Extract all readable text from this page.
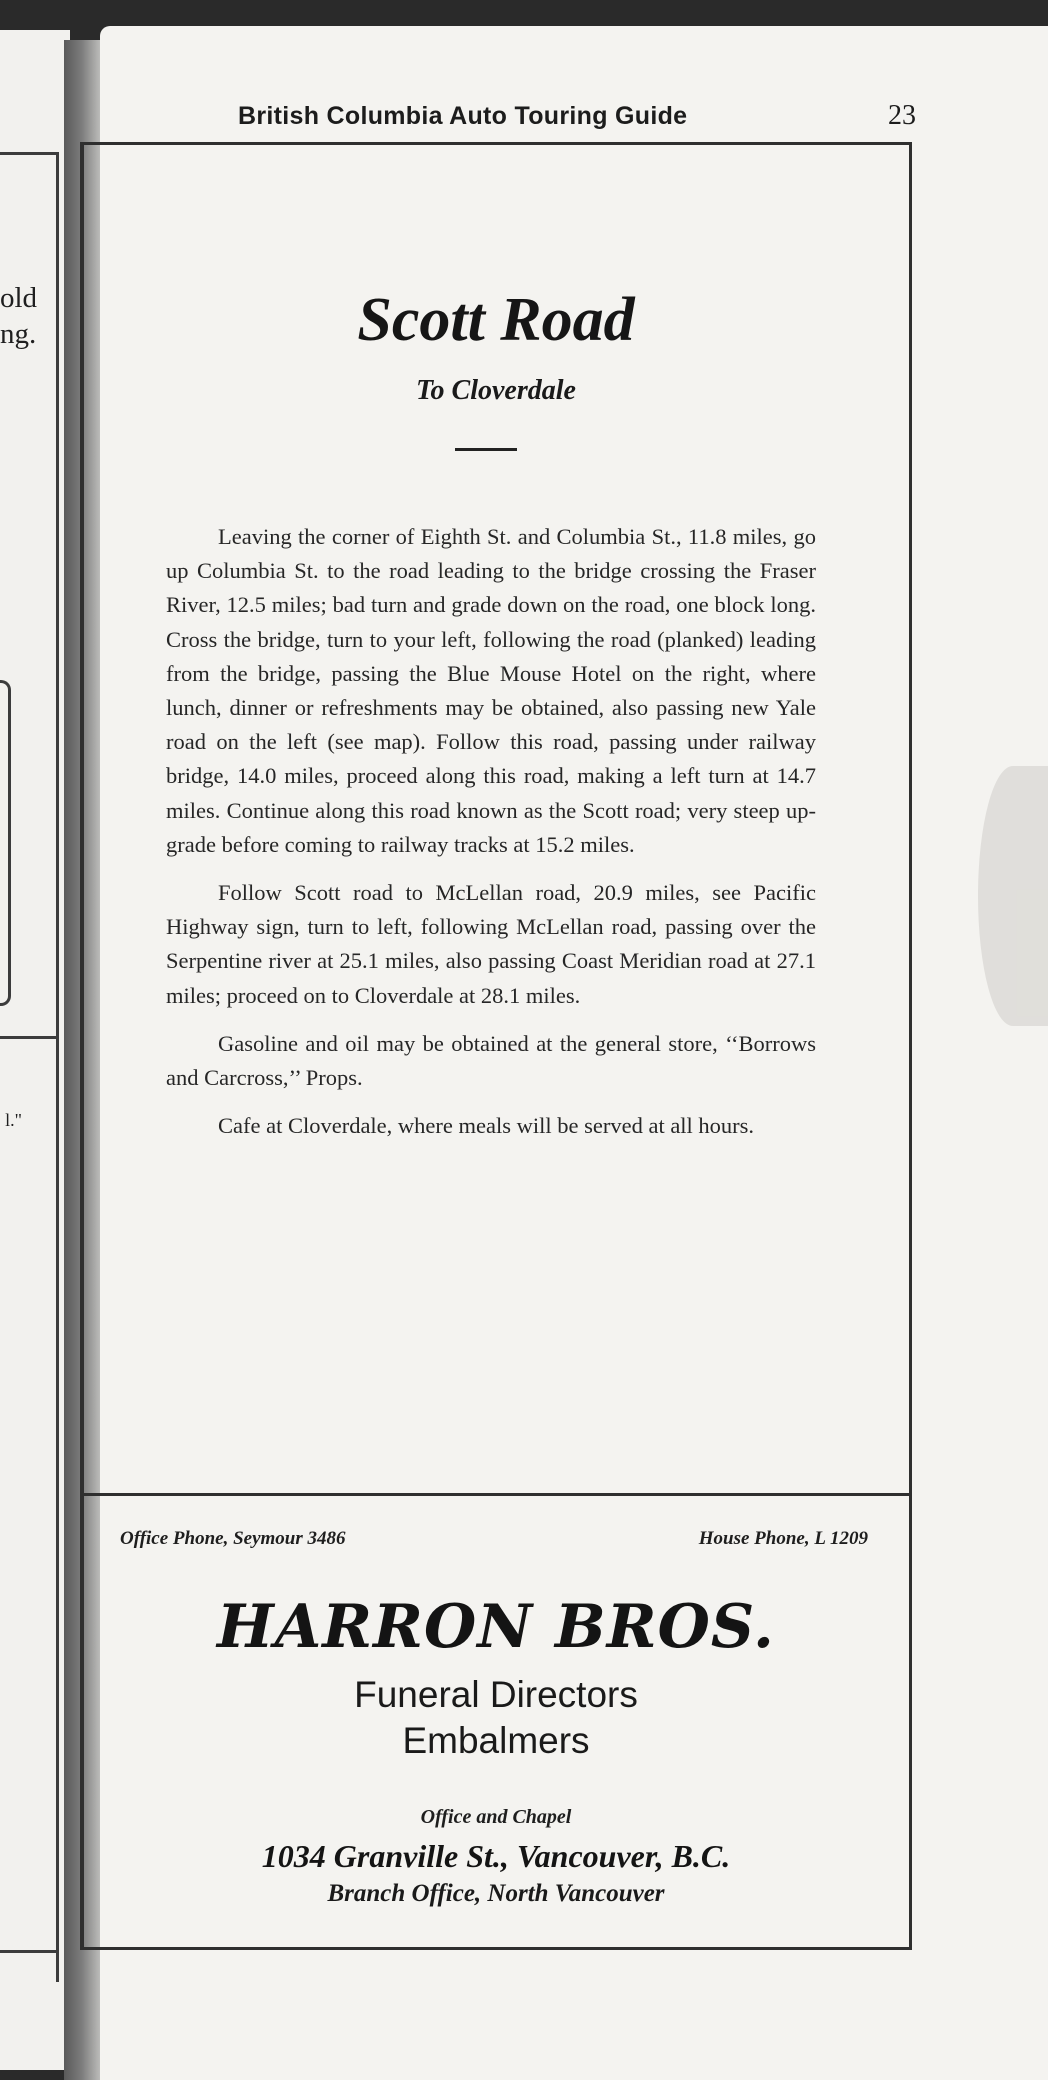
old
ng.
l."
British Columbia Auto Touring Guide	23
Scott Road
To Cloverdale

Leaving the corner of Eighth St. and Columbia St., 11.8 miles, go up Columbia St. to the road leading to the bridge crossing the Fraser River, 12.5 miles; bad turn and grade down on the road, one block long. Cross the bridge, turn to your left, following the road (planked) leading from the bridge, passing the Blue Mouse Hotel on the right, where lunch, dinner or refreshments may be obtained, also passing new Yale road on the left (see map). Follow this road, passing under railway bridge, 14.0 miles, proceed along this road, making a left turn at 14.7 miles. Continue along this road known as the Scott road; very steep up-grade before coming to railway tracks at 15.2 miles.

Follow Scott road to McLellan road, 20.9 miles, see Pacific Highway sign, turn to left, following McLellan road, passing over the Serpentine river at 25.1 miles, also passing Coast Meridian road at 27.1 miles; proceed on to Cloverdale at 28.1 miles.

Gasoline and oil may be obtained at the general store, ‘‘Borrows and Carcross,’’ Props.

Cafe at Cloverdale, where meals will be served at all hours.

Office Phone, Seymour 3486	House Phone, L 1209
HARRON BROS.
Funeral Directors
Embalmers
Office and Chapel
1034 Granville St., Vancouver, B.C.
Branch Office, North Vancouver
